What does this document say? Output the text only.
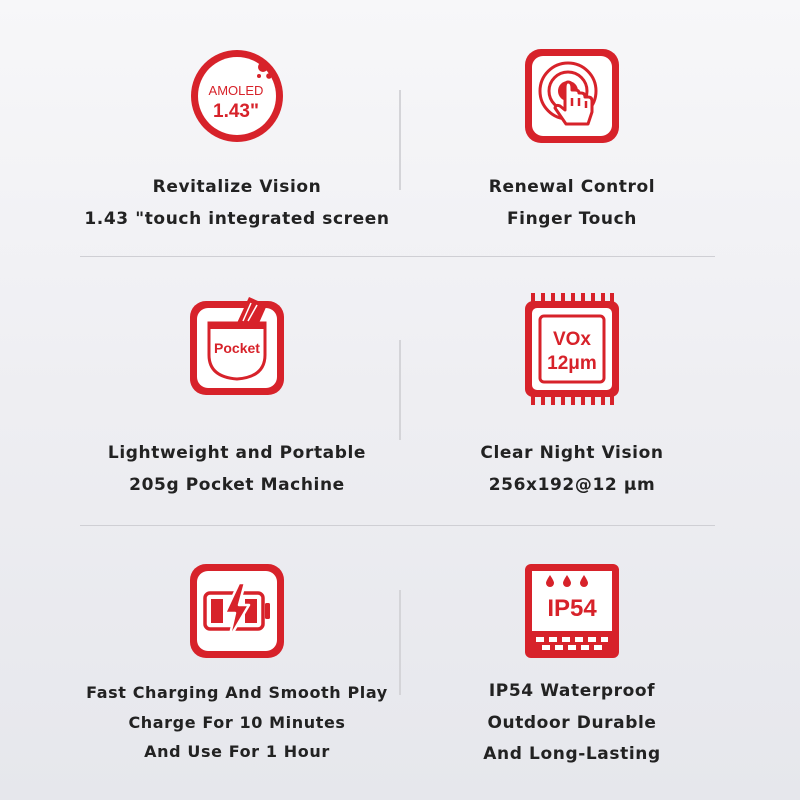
AMOLED
1.43"
Revitalize Vision
1.43 "touch integrated screen
Renewal Control
Finger Touch
Pocket
Lightweight and Portable
205g Pocket Machine
VOx
12μm
Clear Night Vision
256x192@12 μm
Fast Charging And Smooth Play
Charge For 10 Minutes
And Use For 1 Hour
IP54
IP54 Waterproof
Outdoor Durable
And Long-Lasting
